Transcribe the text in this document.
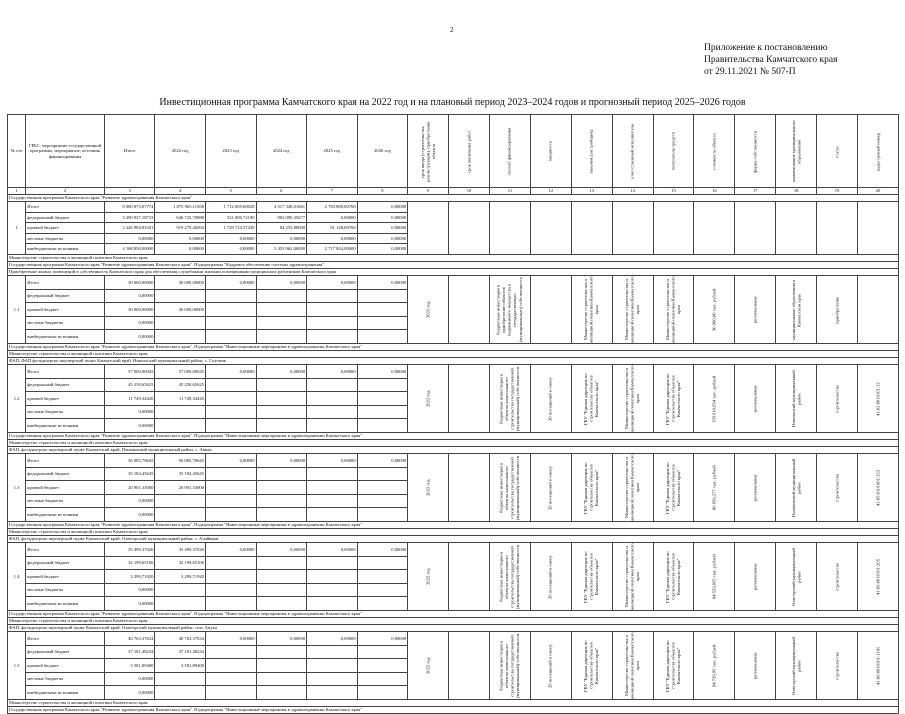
2
Приложение к постановлению
Правительства Камчатского края
от 29.11.2021 № 507-П
Инвестиционная программа Камчатского края на 2022 год и на плановый период 2023–2024 годов и прогнозный период 2025–2026 годов
№ п/п	ГРБС, мероприятие государственной программы, мероприятие, источник финансирования	Итого	2022 год	2023 год	2024 год	2025 год	2026 год	срок ввода (строительства, реконструкции), приобретения объекта	срок окончания работ	способ финансирования	мощность	заказчик (застройщик)	ответственный исполнитель	получатель средств	стоимость объекта	форма собственности	наименование муниципального образования	статус	кадастровый номер
1	2	3	4	5	6	7	8	9	10	11	12	13	14	15	16	17	18	19	20
Государственная программа Камчатского края "Развитие здравоохранения Камчатского края"																			
1	Итого	8 080 873,07774	1 875 965,11568	1 712 695,60028	4 517 348,01661	2 783 889,00760	0,00000												
	федеральный бюджет	3 290 937,18733	646 725,70888	521 000,72190	902 090,35677	0,00000	0,00000												
	краевой бюджет	2 226 984,93341	919 279,45694	1 729 723,37438	84 253,88000	61 148,00760	0,00000												
	местные бюджеты	0,00000	0,00000	0,00000	0,00000	0,00000	0,00000												
	внебюджетные источники	4 168 850,00000	0,00000	0,00000	3 453 962,00000	2 717 844,00000	0,00000												
Министерство строительства и жилищной политики Камчатского края																			
Государственная программа Камчатского края "Развитие здравоохранения Камчатского края". Подпрограмма "Кадровое обеспечение системы здравоохранения"																			
Приобретение жилых помещений в собственность Камчатского края для обеспечения служебными жилыми помещениями медицинских работников Камчатского края																			
1.1	Итого	30 000,00000	30 000,00000	0,00000	0,00000	0,00000	0,00000	2022 год		бюджетные инвестиции в приобретение объектов недвижимого имущества в государственную (муниципальную) собственность		Министерство строительства и жилищной политики Камчатского края	Министерство строительства и жилищной политики Камчатского края	Министерство строительства и жилищной политики Камчатского края	30 000,00 тыс. рублей	региональная	муниципальные образования в Камчатском крае	приобретение	
	федеральный бюджет	0,00000																	
	краевой бюджет	30 000,00000	30 000,00000																
	местные бюджеты	0,00000																	
	внебюджетные источники	0,00000																	
Государственная программа Камчатского края "Развитие здравоохранения Камчатского края". Подпрограмма "Инвестиционные мероприятия в здравоохранении Камчатского края"																			
Министерство строительства и жилищной политики Камчатского края																			
ФАП, ФАП фельдшерско-акушерский пункт Камчатский край, Никольский муниципальный район, с. Спутник																			
1.2	Итого	57 000,00045	57 000,00045	0,00000	0,00000	0,00000	0,00000	2022 год		бюджетные инвестиции в объекты капитального строительства государственной (муниципальной) собственности	20 посещений в смену	ГКУ "Единая дирекция по строительству объектов Камчатского края"	Министерство строительства и жилищной политики Камчатского края	ГКУ "Единая дирекция по строительству объектов Камчатского края"	159 610,654 тыс. рублей	региональная	Никольский муниципальный район	строительство	41:02:0010101:12
	федеральный бюджет	45 250,65625	45 250,65625																
	краевой бюджет	11 749,34420	11 749,34420																
	местные бюджеты	0,00000																	
	внебюджетные источники	0,00000																	
Государственная программа Камчатского края "Развитие здравоохранения Камчатского края". Подпрограмма "Инвестиционные мероприятия в здравоохранении Камчатского края"																			
Министерство строительства и жилищной политики Камчатского края																			
ФАП, фельдшерско-акушерский пункт Камчатский край, Пенжинский муниципальный район, с. Аянка																			
1.3	Итого	56 085,78645	56 085,78645	0,00000	0,00000	0,00000	0,00000	2022 год		бюджетные инвестиции в объекты капитального строительства государственной (муниципальной) собственности	20 посещений в смену	ГКУ "Единая дирекция по строительству объектов Камчатского края"	Министерство строительства и жилищной политики Камчатского края	ГКУ "Единая дирекция по строительству объектов Камчатского края"	86 050,277 тыс. рублей	региональная	Пенжинский муниципальный район	строительство	41:05:0101001:153
	федеральный бюджет	35 184,45645	35 184,45645																
	краевой бюджет	20 901,33000	20 901,33000																
	местные бюджеты	0,00000																	
	внебюджетные источники	0,00000																	
Государственная программа Камчатского края "Развитие здравоохранения Камчатского края". Подпрограмма "Инвестиционные мероприятия в здравоохранении Камчатского края"																			
Министерство строительства и жилищной политики Камчатского края																			
ФАП, фельдшерско-акушерский пункт Камчатский край, Олюторский муниципальный район, с. Ачайваям																			
1.4	Итого	35 499,37026	35 499,37026	0,00000	0,00000	0,00000	0,00000	2022 год		бюджетные инвестиции в объекты капитального строительства государственной (муниципальной) собственности	20 посещений в смену	ГКУ "Единая дирекция по строительству объектов Камчатского края"	Министерство строительства и жилищной политики Камчатского края	ГКУ "Единая дирекция по строительству объектов Камчатского края"	84 533,065 тыс. рублей	региональная	Олюторский муниципальный район	строительство	41:06:0010101:205
	федеральный бюджет	32 199,65106	32 199,65106																
	краевой бюджет	3 299,71920	3 299,71920																
	местные бюджеты	0,00000																	
	внебюджетные источники	0,00000																	
Государственная программа Камчатского края "Развитие здравоохранения Камчатского края". Подпрограмма "Инвестиционные мероприятия в здравоохранении Камчатского края"																			
Министерство строительства и жилищной политики Камчатского края																			
ФАП, фельдшерско-акушерский пункт Камчатский край, Олюторский муниципальный район, село Апука																			
1.5	Итого	40 763,37634	40 763,37634	0,00000	0,00000	0,00000	0,00000	2022 год		бюджетные инвестиции в объекты капитального строительства государственной (муниципальной) собственности	20 посещений в смену	ГКУ "Единая дирекция по строительству объектов Камчатского края"	Министерство строительства и жилищной политики Камчатского края	ГКУ "Единая дирекция по строительству объектов Камчатского края"	94 739,95 тыс. рублей	региональная	Олюторский муниципальный район	строительство	41:06:0010101:1141
	федеральный бюджет	37 181,48234	37 181,48234																
	краевой бюджет	3 581,89400	3 581,89400																
	местные бюджеты	0,00000																	
	внебюджетные источники	0,00000																	
Министерство строительства и жилищной политики Камчатского края																			
Государственная программа Камчатского края "Развитие здравоохранения Камчатского края". Подпрограмма "Инвестиционные мероприятия в здравоохранении Камчатского края"																			
